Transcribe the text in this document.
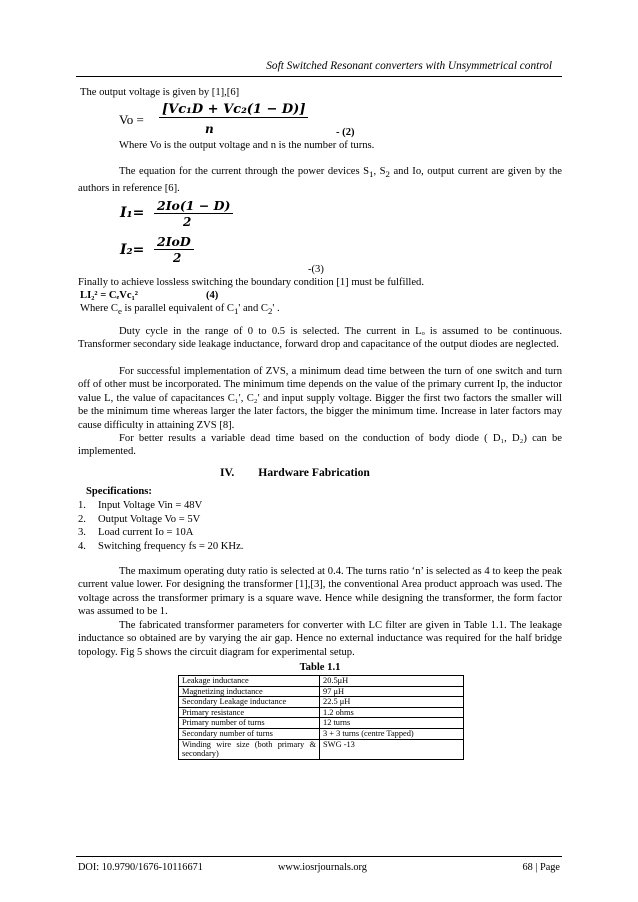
Soft Switched Resonant converters with Unsymmetrical control
The output voltage is given by [1],[6]
Vo =
[Vc₁D + Vc₂(1 − D)]
n	- (2)
Where Vo is the output voltage and n is the number of turns.
The equation for the current through the power devices $S_1$, $S_2$ and Io, output current are given by the authors in reference [6].
I₁= 2Io(1 − D)
2
I₂=
2IoD
2
-(3)
Finally to achieve lossless switching the boundary condition [1] must be fulfilled.
LI₂² = CₑVc₁²	(4)
Where $C_e$ is parallel equivalent of $C_1'$ and $C_2'$ .
Duty cycle in the range of 0 to 0.5 is selected. The current in Lₒ is assumed to be continuous. Transformer secondary side leakage inductance, forward drop and capacitance of the output diodes are neglected.
For successful implementation of ZVS, a minimum dead time between the turn of one switch and turn off of other must be incorporated. The minimum time depends on the value of the primary current Ip, the inductor value L, the value of capacitances C₁′, C₂′ and input supply voltage. Bigger the first two factors the smaller will be the minimum time whereas larger the later factors, the bigger the minimum time. Increase in later factors may cause difficulty in attaining ZVS [8].
For better results a variable dead time based on the conduction of body diode ( D₁, D₂) can be implemented.
IV. Hardware Fabrication
Specifications:
1. Input Voltage Vin = 48V
2. Output Voltage Vo = 5V
3. Load current Io = 10A
4. Switching frequency fs = 20 KHz.
The maximum operating duty ratio is selected at 0.4. The turns ratio ‘n’ is selected as 4 to keep the peak current value lower. For designing the transformer [1],[3], the conventional Area product approach was used. The voltage across the transformer primary is a square wave. Hence while designing the transformer, the form factor was assumed to be 1.
The fabricated transformer parameters for converter with LC filter are given in Table 1.1. The leakage inductance so obtained are by varying the air gap. Hence no external inductance was required for the half bridge topology. Fig 5 shows the circuit diagram for experimental setup.
Table 1.1
Leakage inductance	20.5μH
Magnetizing inductance	97 μH
Secondary Leakage inductance	22.5 μH
Primary resistance	1.2 ohms
Primary number of turns	12 turns
Secondary number of turns	3 + 3 turns (centre Tapped)
Winding wire size (both primary & secondary)	SWG -13
DOI: 10.9790/1676-10116671	www.iosrjournals.org	68 | Page
